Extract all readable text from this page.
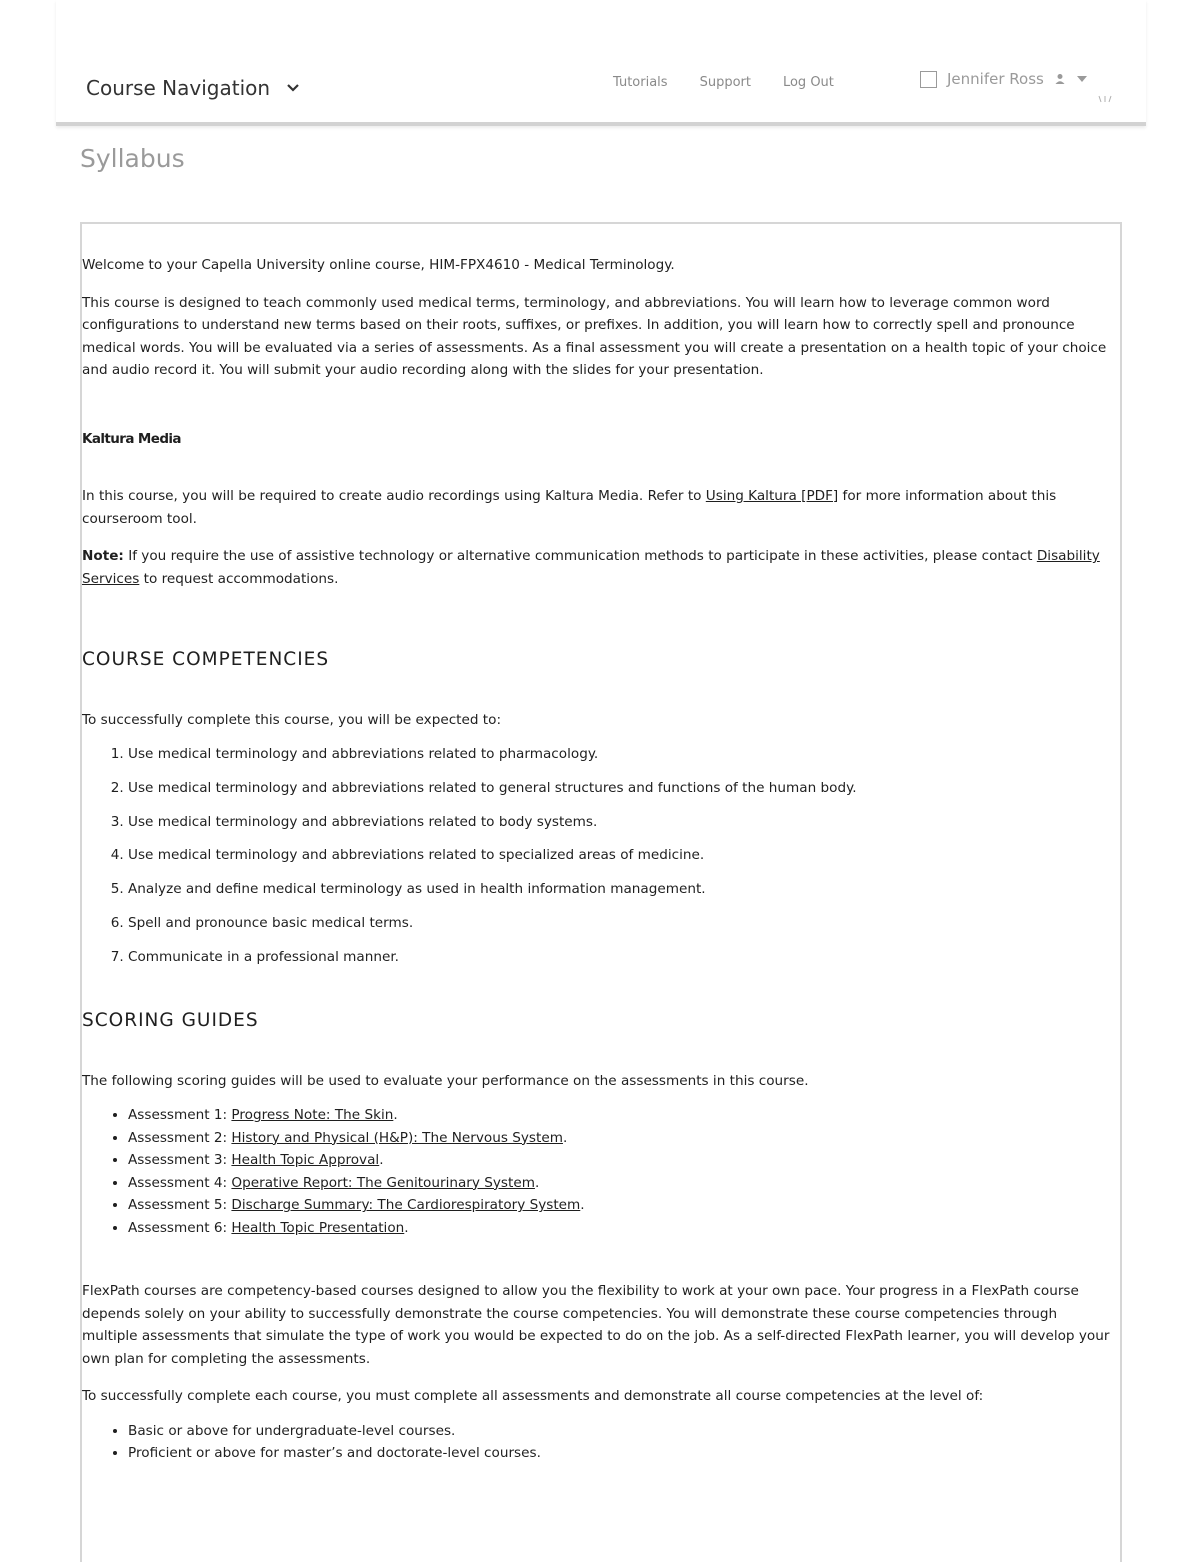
Course Navigation	Tutorials Support Log Out	Jennifer Ross
Syllabus

Welcome to your Capella University online course, HIM-FPX4610 - Medical Terminology.

This course is designed to teach commonly used medical terms, terminology, and abbreviations. You will learn how to leverage common word configurations to understand new terms based on their roots, suffixes, or prefixes. In addition, you will learn how to correctly spell and pronounce medical words. You will be evaluated via a series of assessments. As a final assessment you will create a presentation on a health topic of your choice and audio record it. You will submit your audio recording along with the slides for your presentation.

Kaltura Media

In this course, you will be required to create audio recordings using Kaltura Media. Refer to Using Kaltura [PDF] for more information about this courseroom tool.

Note: If you require the use of assistive technology or alternative communication methods to participate in these activities, please contact Disability Services to request accommodations.

COURSE COMPETENCIES

To successfully complete this course, you will be expected to:

1. Use medical terminology and abbreviations related to pharmacology.
2. Use medical terminology and abbreviations related to general structures and functions of the human body.
3. Use medical terminology and abbreviations related to body systems.
4. Use medical terminology and abbreviations related to specialized areas of medicine.
5. Analyze and define medical terminology as used in health information management.
6. Spell and pronounce basic medical terms.
7. Communicate in a professional manner.
SCORING GUIDES

The following scoring guides will be used to evaluate your performance on the assessments in this course.

• Assessment 1: Progress Note: The Skin.
• Assessment 2: History and Physical (H&P): The Nervous System.
• Assessment 3: Health Topic Approval.
• Assessment 4: Operative Report: The Genitourinary System.
• Assessment 5: Discharge Summary: The Cardiorespiratory System.
• Assessment 6: Health Topic Presentation.

FlexPath courses are competency-based courses designed to allow you the flexibility to work at your own pace. Your progress in a FlexPath course depends solely on your ability to successfully demonstrate the course competencies. You will demonstrate these course competencies through multiple assessments that simulate the type of work you would be expected to do on the job. As a self-directed FlexPath learner, you will develop your own plan for completing the assessments.

To successfully complete each course, you must complete all assessments and demonstrate all course competencies at the level of:

• Basic or above for undergraduate-level courses.
• Proficient or above for master’s and doctorate-level courses.
